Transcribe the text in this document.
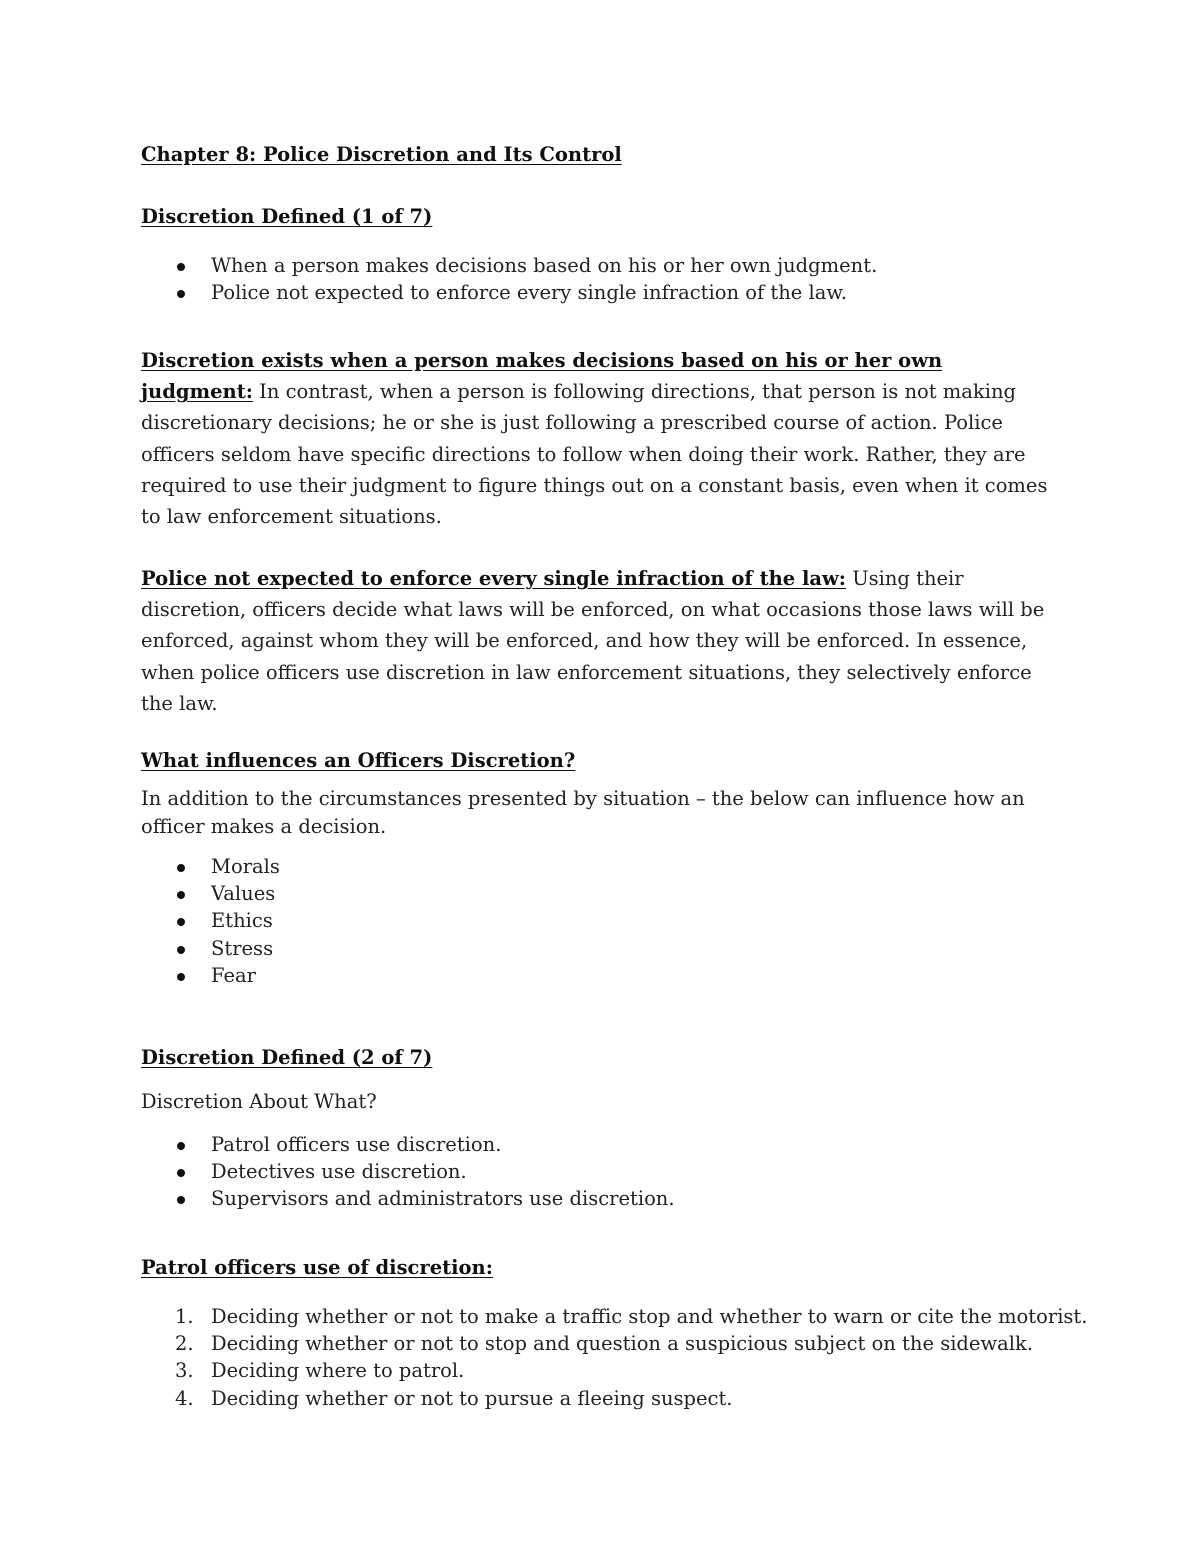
Chapter 8: Police Discretion and Its Control
Discretion Defined (1 of 7)
When a person makes decisions based on his or her own judgment.
Police not expected to enforce every single infraction of the law.
Discretion exists when a person makes decisions based on his or her own judgment: In contrast, when a person is following directions, that person is not making discretionary decisions; he or she is just following a prescribed course of action. Police officers seldom have specific directions to follow when doing their work. Rather, they are required to use their judgment to figure things out on a constant basis, even when it comes to law enforcement situations.
Police not expected to enforce every single infraction of the law: Using their discretion, officers decide what laws will be enforced, on what occasions those laws will be enforced, against whom they will be enforced, and how they will be enforced. In essence, when police officers use discretion in law enforcement situations, they selectively enforce the law.
What influences an Officers Discretion?
In addition to the circumstances presented by situation – the below can influence how an officer makes a decision.
Morals
Values
Ethics
Stress
Fear
Discretion Defined (2 of 7)
Discretion About What?
Patrol officers use discretion.
Detectives use discretion.
Supervisors and administrators use discretion.
Patrol officers use of discretion:
1. Deciding whether or not to make a traffic stop and whether to warn or cite the motorist.
2. Deciding whether or not to stop and question a suspicious subject on the sidewalk.
3. Deciding where to patrol.
4. Deciding whether or not to pursue a fleeing suspect.
